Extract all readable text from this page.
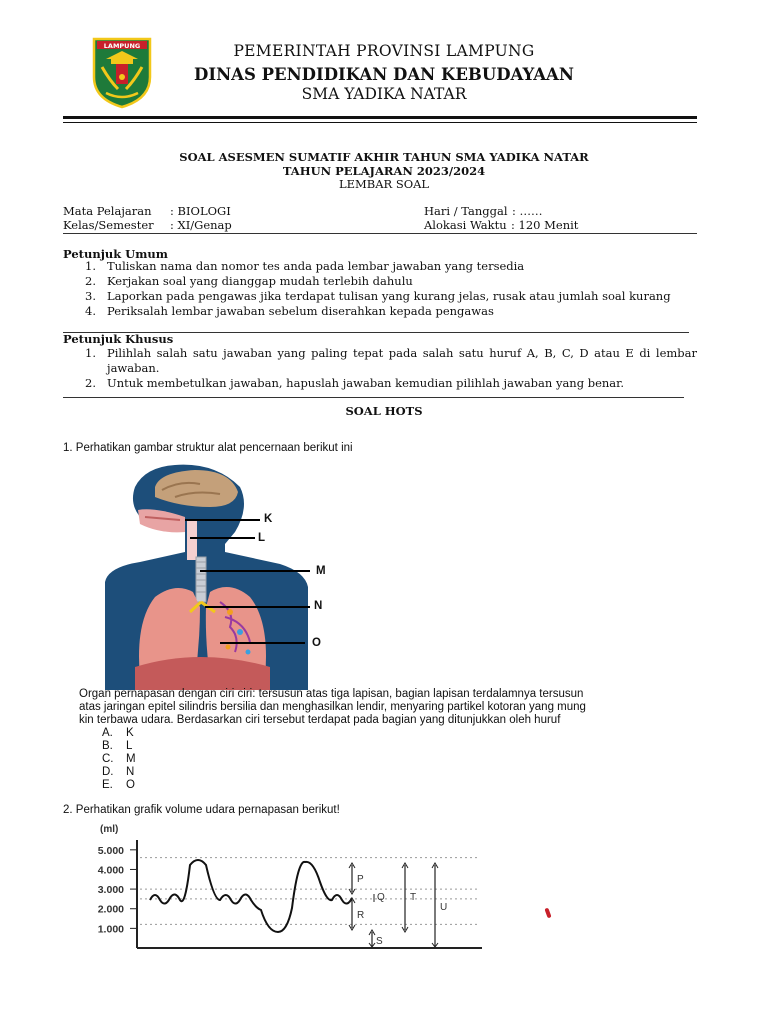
LAMPUNG	PEMERINTAH PROVINSI LAMPUNG
DINAS PENDIDIKAN DAN KEBUDAYAAN
SMA YADIKA NATAR
SOAL ASESMEN SUMATIF AKHIR TAHUN SMA YADIKA NATAR
TAHUN PELAJARAN 2023/2024
LEMBAR SOAL
Mata Pelajaran : BIOLOGI
Kelas/Semester : XI/Genap
Hari / Tanggal : ……
Alokasi Waktu : 120 Menit
Petunjuk Umum
1. Tuliskan nama dan nomor tes anda pada lembar jawaban yang tersedia
2. Kerjakan soal yang dianggap mudah terlebih dahulu
3. Laporkan pada pengawas jika terdapat tulisan yang kurang jelas, rusak atau jumlah soal kurang
4. Periksalah lembar jawaban sebelum diserahkan kepada pengawas
Petunjuk Khusus
1. Pilihlah salah satu jawaban yang paling tepat pada salah satu huruf A, B, C, D atau E di lembar jawaban.
2. Untuk membetulkan jawaban, hapuslah jawaban kemudian pilihlah jawaban yang benar.
SOAL HOTS
1. Perhatikan gambar struktur alat pencernaan berikut ini
K
L
M
N
O
Organ pernapasan dengan ciri ciri: tersusun atas tiga lapisan, bagian lapisan terdalamnya tersusun
atas jaringan epitel silindris bersilia dan menghasilkan lendir, menyaring partikel kotoran yang mung
kin terbawa udara. Berdasarkan ciri tersebut terdapat pada bagian yang ditunjukkan oleh huruf
A.	K
B.	L
C.	M
D.	N
E.	O
2. Perhatikan grafik volume udara pernapasan berikut!
(ml)
5.000
4.000
3.000
2.000
1.000
P
Q
R
S
T
U
